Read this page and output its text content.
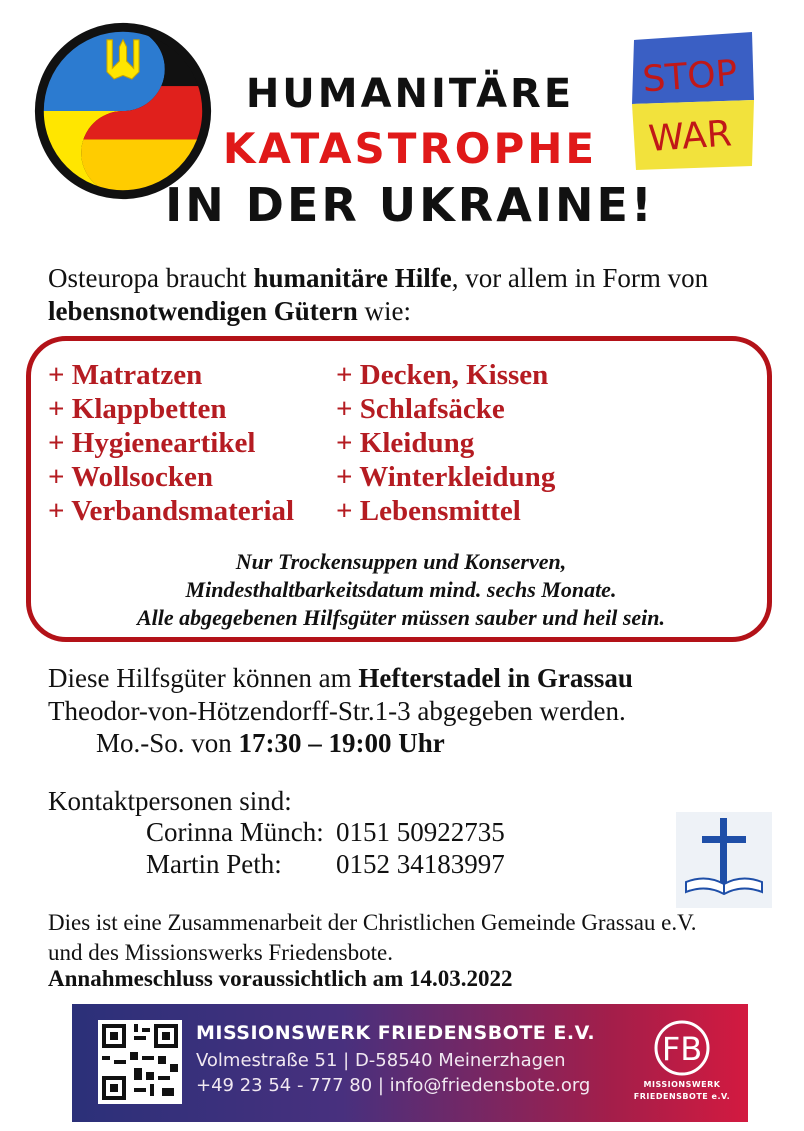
HUMANITÄRE
KATASTROPHE
IN DER UKRAINE!
STOP
WAR
Osteuropa braucht humanitäre Hilfe, vor allem in Form von
lebensnotwendigen Gütern wie:
+ Matratzen
+ Klappbetten
+ Hygieneartikel
+ Wollsocken
+ Verbandsmaterial
+ Decken, Kissen
+ Schlafsäcke
+ Kleidung
+ Winterkleidung
+ Lebensmittel
Nur Trockensuppen und Konserven,
Mindesthaltbarkeitsdatum mind. sechs Monate.
Alle abgegebenen Hilfsgüter müssen sauber und heil sein.
Diese Hilfsgüter können am Hefterstadel in Grassau
Theodor-von-Hötzendorff-Str.1-3 abgegeben werden.
Mo.-So. von 17:30 – 19:00 Uhr
Kontaktpersonen sind:
Corinna Münch: 0151 50922735
Martin Peth: 0152 34183997
Dies ist eine Zusammenarbeit der Christlichen Gemeinde Grassau e.V.
und des Missionswerks Friedensbote.
Annahmeschluss voraussichtlich am 14.03.2022
MISSIONSWERK FRIEDENSBOTE E.V.
Volmestraße 51 | D-58540 Meinerzhagen
+49 23 54 - 777 80 | info@friedensbote.org
FB
MISSIONSWERK
FRIEDENSBOTE e.V.
